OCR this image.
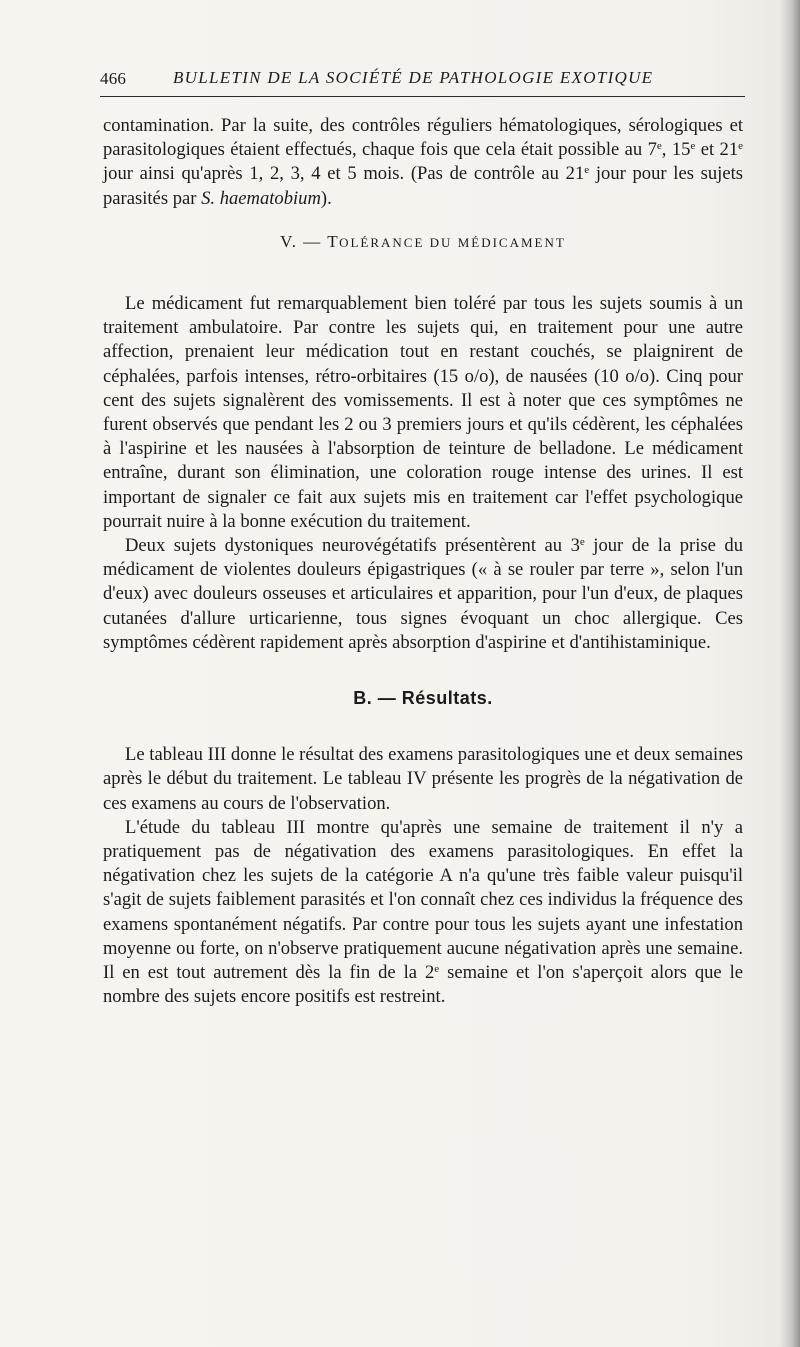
466	BULLETIN DE LA SOCIÉTÉ DE PATHOLOGIE EXOTIQUE

contamination. Par la suite, des contrôles réguliers hématologiques, sérologiques et parasitologiques étaient effectués, chaque fois que cela était possible au 7e, 15e et 21e jour ainsi qu'après 1, 2, 3, 4 et 5 mois. (Pas de contrôle au 21e jour pour les sujets parasités par S. haematobium).

V. — TOLÉRANCE DU MÉDICAMENT

Le médicament fut remarquablement bien toléré par tous les sujets soumis à un traitement ambulatoire. Par contre les sujets qui, en traitement pour une autre affection, prenaient leur médication tout en restant couchés, se plaignirent de céphalées, parfois intenses, rétro-orbitaires (15 o/o), de nausées (10 o/o). Cinq pour cent des sujets signalèrent des vomissements. Il est à noter que ces symptômes ne furent observés que pendant les 2 ou 3 premiers jours et qu'ils cédèrent, les céphalées à l'aspirine et les nausées à l'absorption de teinture de belladone. Le médicament entraîne, durant son élimination, une coloration rouge intense des urines. Il est important de signaler ce fait aux sujets mis en traitement car l'effet psychologique pourrait nuire à la bonne exécution du traitement.

Deux sujets dystoniques neurovégétatifs présentèrent au 3e jour de la prise du médicament de violentes douleurs épigastriques (« à se rouler par terre », selon l'un d'eux) avec douleurs osseuses et articulaires et apparition, pour l'un d'eux, de plaques cutanées d'allure urticarienne, tous signes évoquant un choc allergique. Ces symptômes cédèrent rapidement après absorption d'aspirine et d'antihistaminique.

B. — Résultats.

Le tableau III donne le résultat des examens parasitologiques une et deux semaines après le début du traitement. Le tableau IV présente les progrès de la négativation de ces examens au cours de l'observation.

L'étude du tableau III montre qu'après une semaine de traitement il n'y a pratiquement pas de négativation des examens parasitologiques. En effet la négativation chez les sujets de la catégorie A n'a qu'une très faible valeur puisqu'il s'agit de sujets faiblement parasités et l'on connaît chez ces individus la fréquence des examens spontanément négatifs. Par contre pour tous les sujets ayant une infestation moyenne ou forte, on n'observe pratiquement aucune négativation après une semaine. Il en est tout autrement dès la fin de la 2e semaine et l'on s'aperçoit alors que le nombre des sujets encore positifs est restreint.
